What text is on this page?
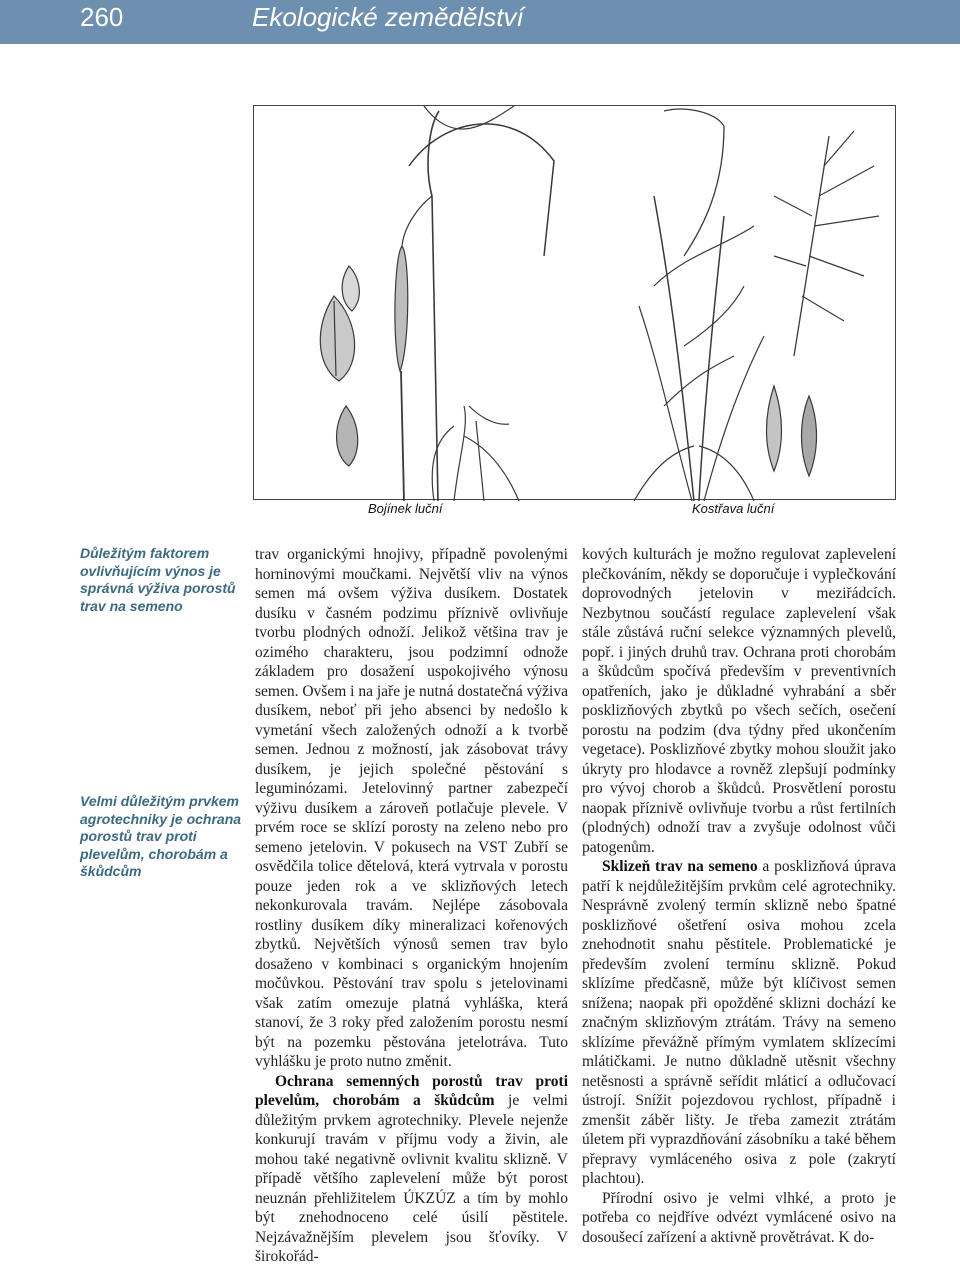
260	Ekologické zemědělství
Bojínek luční	Kostřava luční
Důležitým faktorem ovlivňujícím výnos je správná výživa porostů trav na semeno
Velmi důležitým prvkem agrotechniky je ochrana porostů trav proti plevelům, chorobám a škůdcům

trav organickými hnojivy, případně povolenými horninovými moučkami. Největší vliv na výnos semen má ovšem výživa dusíkem. Dostatek dusíku v časném podzimu příznivě ovlivňuje tvorbu plodných odnoží. Jelikož většina trav je ozimého charakteru, jsou podzimní odnože základem pro dosažení uspokojivého výnosu semen. Ovšem i na jaře je nutná dostatečná výživa dusíkem, neboť při jeho absenci by nedošlo k vymetání všech založených odnoží a k tvorbě semen. Jednou z možností, jak zásobovat trávy dusíkem, je jejich společné pěstování s leguminózami. Jetelovinný partner zabezpečí výživu dusíkem a zároveň potlačuje plevele. V prvém roce se sklízí porosty na zeleno nebo pro semeno jetelovin. V pokusech na VST Zubří se osvědčila tolice dětelová, která vytrvala v porostu pouze jeden rok a ve sklizňových letech nekonkurovala travám. Nejlépe zásobovala rostliny dusíkem díky mineralizaci kořenových zbytků. Největších výnosů semen trav bylo dosaženo v kombinaci s organickým hnojením močůvkou. Pěstování trav spolu s jetelovinami však zatím omezuje platná vyhláška, která stanoví, že 3 roky před založením porostu nesmí být na pozemku pěstována jetelotráva. Tuto vyhlášku je proto nutno změnit.

Ochrana semenných porostů trav proti plevelům, chorobám a škůdcům je velmi důležitým prvkem agrotechniky. Plevele nejenže konkurují travám v příjmu vody a živin, ale mohou také negativně ovlivnit kvalitu sklizně. V případě většího zaplevelení může být porost neuznán přehližitelem ÚKZÚZ a tím by mohlo být znehodnoceno celé úsilí pěstitele. Nejzávažnějším plevelem jsou šťovíky. V širokořád-

kových kulturách je možno regulovat zaplevelení plečkováním, někdy se doporučuje i vyplečkování doprovodných jetelovin v meziřádcích. Nezbytnou součástí regulace zaplevelení však stále zůstává ruční selekce významných plevelů, popř. i jiných druhů trav. Ochrana proti chorobám a škůdcům spočívá především v preventivních opatřeních, jako je důkladné vyhrabání a sběr posklizňových zbytků po všech sečích, osečení porostu na podzim (dva týdny před ukončením vegetace). Posklizňové zbytky mohou sloužit jako úkryty pro hlodavce a rovněž zlepšují podmínky pro vývoj chorob a škůdců. Prosvětlení porostu naopak příznivě ovlivňuje tvorbu a růst fertilních (plodných) odnoží trav a zvyšuje odolnost vůči patogenům.

Sklizeň trav na semeno a posklizňová úprava patří k nejdůležitějším prvkům celé agrotechniky. Nesprávně zvolený termín sklizně nebo špatné posklizňové ošetření osiva mohou zcela znehodnotit snahu pěstitele. Problematické je především zvolení termínu sklizně. Pokud sklízíme předčasně, může být klíčivost semen snížena; naopak při opožděné sklizni dochází ke značným sklizňovým ztrátám. Trávy na semeno sklízíme převážně přímým vymlatem sklízecími mlátičkami. Je nutno důkladně utěsnit všechny netěsnosti a správně seřídit mláticí a odlučovací ústrojí. Snížit pojezdovou rychlost, případně i zmenšit záběr lišty. Je třeba zamezit ztrátám úletem při vyprazdňování zásobníku a také během přepravy vymláceného osiva z pole (zakrytí plachtou).

Přírodní osivo je velmi vlhké, a proto je potřeba co nejdříve odvézt vymlácené osivo na dosoušecí zařízení a aktivně provětrávat. K do-
